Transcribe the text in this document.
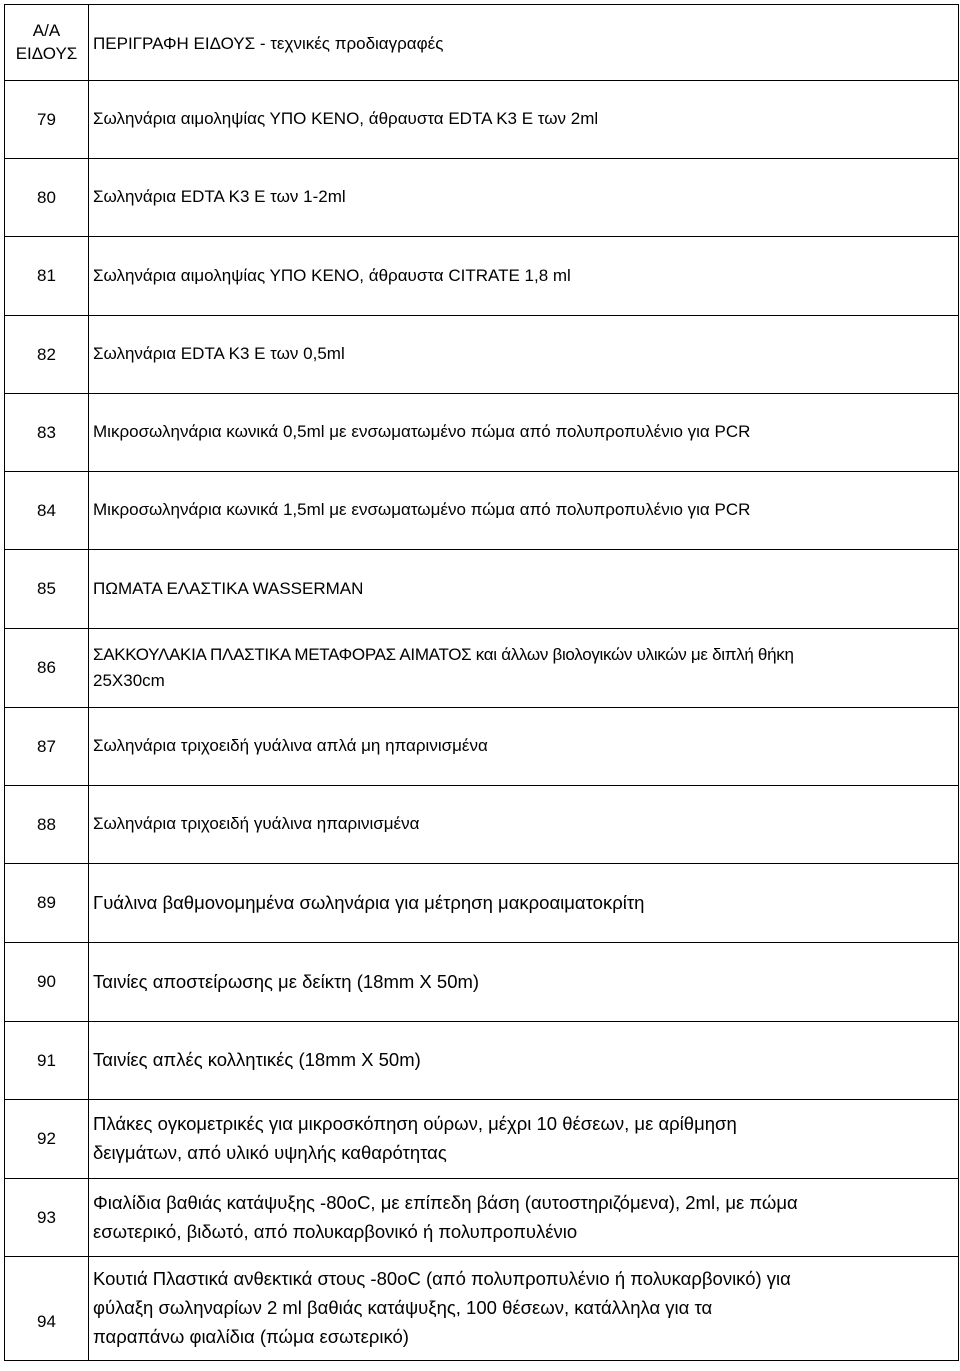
Α/Α
ΕΙΔΟΥΣ	ΠΕΡΙΓΡΑΦΗ ΕΙΔΟΥΣ - τεχνικές προδιαγραφές
79	Σωληνάρια αιμοληψίας ΥΠΟ ΚΕΝΟ, άθραυστα EDTA K3 E των 2ml
80	Σωληνάρια EDTA K3 E των 1-2ml
81	Σωληνάρια αιμοληψίας ΥΠΟ ΚΕΝΟ, άθραυστα CITRATE 1,8 ml
82	Σωληνάρια EDTA K3 E των 0,5ml
83	Μικροσωληνάρια κωνικά 0,5ml με ενσωματωμένο πώμα από πολυπροπυλένιο για PCR
84	Μικροσωληνάρια κωνικά 1,5ml με ενσωματωμένο πώμα από πολυπροπυλένιο για PCR
85	ΠΩΜΑΤΑ ΕΛΑΣΤΙΚΑ WASSERMAN
86	ΣΑΚΚΟΥΛΑΚΙΑ ΠΛΑΣΤΙΚΑ ΜΕΤΑΦΟΡΑΣ ΑΙΜΑΤΟΣ και άλλων βιολογικών υλικών με διπλή θήκη
25Χ30cm
87	Σωληνάρια τριχοειδή γυάλινα απλά μη ηπαρινισμένα
88	Σωληνάρια τριχοειδή γυάλινα ηπαρινισμένα
89	Γυάλινα βαθμονομημένα σωληνάρια για μέτρηση μακροαιματοκρίτη
90	Ταινίες αποστείρωσης με δείκτη (18mm X 50m)
91	Ταινίες απλές κολλητικές (18mm X 50m)
92	Πλάκες ογκομετρικές για μικροσκόπηση ούρων, μέχρι 10 θέσεων, με αρίθμηση
δειγμάτων, από υλικό υψηλής καθαρότητας
93	Φιαλίδια βαθιάς κατάψυξης -80oC, με επίπεδη βάση (αυτοστηριζόμενα), 2ml, με πώμα
εσωτερικό, βιδωτό, από πολυκαρβονικό ή πολυπροπυλένιο
94	Κουτιά Πλαστικά ανθεκτικά στους -80oC (από πολυπροπυλένιο ή πολυκαρβονικό) για
φύλαξη σωληναρίων 2 ml βαθιάς κατάψυξης, 100 θέσεων, κατάλληλα για τα
παραπάνω φιαλίδια (πώμα εσωτερικό)
